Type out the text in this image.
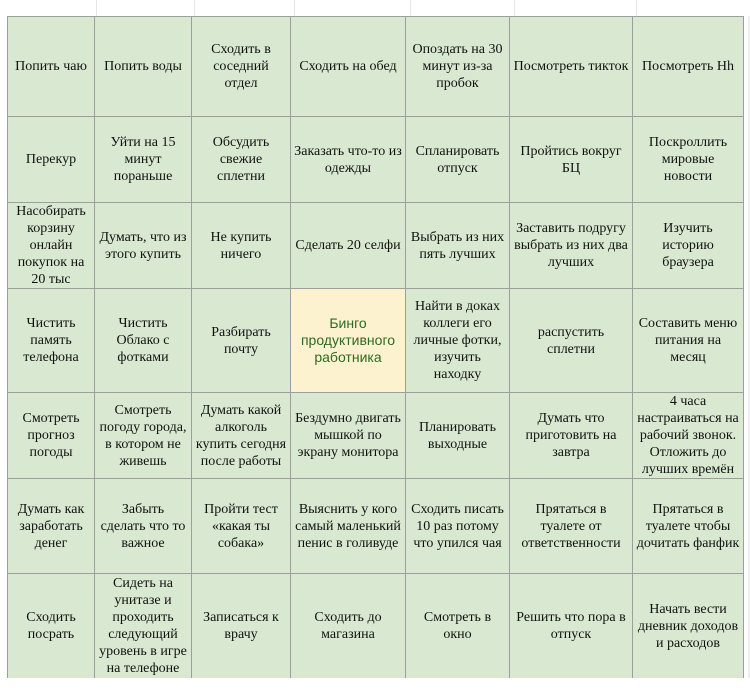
Попить чаю	Попить воды	Сходить в соседний отдел	Сходить на обед	Опоздать на 30 минут из-за пробок	Посмотреть тикток	Посмотреть Hh
Перекур	Уйти на 15 минут пораньше	Обсудить свежие сплетни	Заказать что-то из одежды	Спланировать отпуск	Пройтись вокруг БЦ	Поскроллить мировые новости
Насобирать корзину онлайн покупок на 20 тыс	Думать, что из этого купить	Не купить ничего	Сделать 20 селфи	Выбрать из них пять лучших	Заставить подругу выбрать из них два лучших	Изучить историю браузера
Чистить память телефона	Чистить Облако с фотками	Разбирать почту	Бинго продуктивного работника	Найти в доках коллеги его личные фотки, изучить находку	распустить сплетни	Составить меню питания на месяц
Смотреть прогноз погоды	Смотреть погоду города, в котором не живешь	Думать какой алкоголь купить сегодня после работы	Бездумно двигать мышкой по экрану монитора	Планировать выходные	Думать что приготовить на завтра	4 часа настраиваться на рабочий звонок. Отложить до лучших времён
Думать как заработать денег	Забыть сделать что то важное	Пройти тест «какая ты собака»	Выяснить у кого самый маленький пенис в голивуде	Сходить писать 10 раз потому что упился чая	Прятаться в туалете от ответственности	Прятаться в туалете чтобы дочитать фанфик
Сходить посрать	Сидеть на унитазе и проходить следующий уровень в игре на телефоне	Записаться к врачу	Сходить до магазина	Смотреть в окно	Решить что пора в отпуск	Начать вести дневник доходов и расходов
